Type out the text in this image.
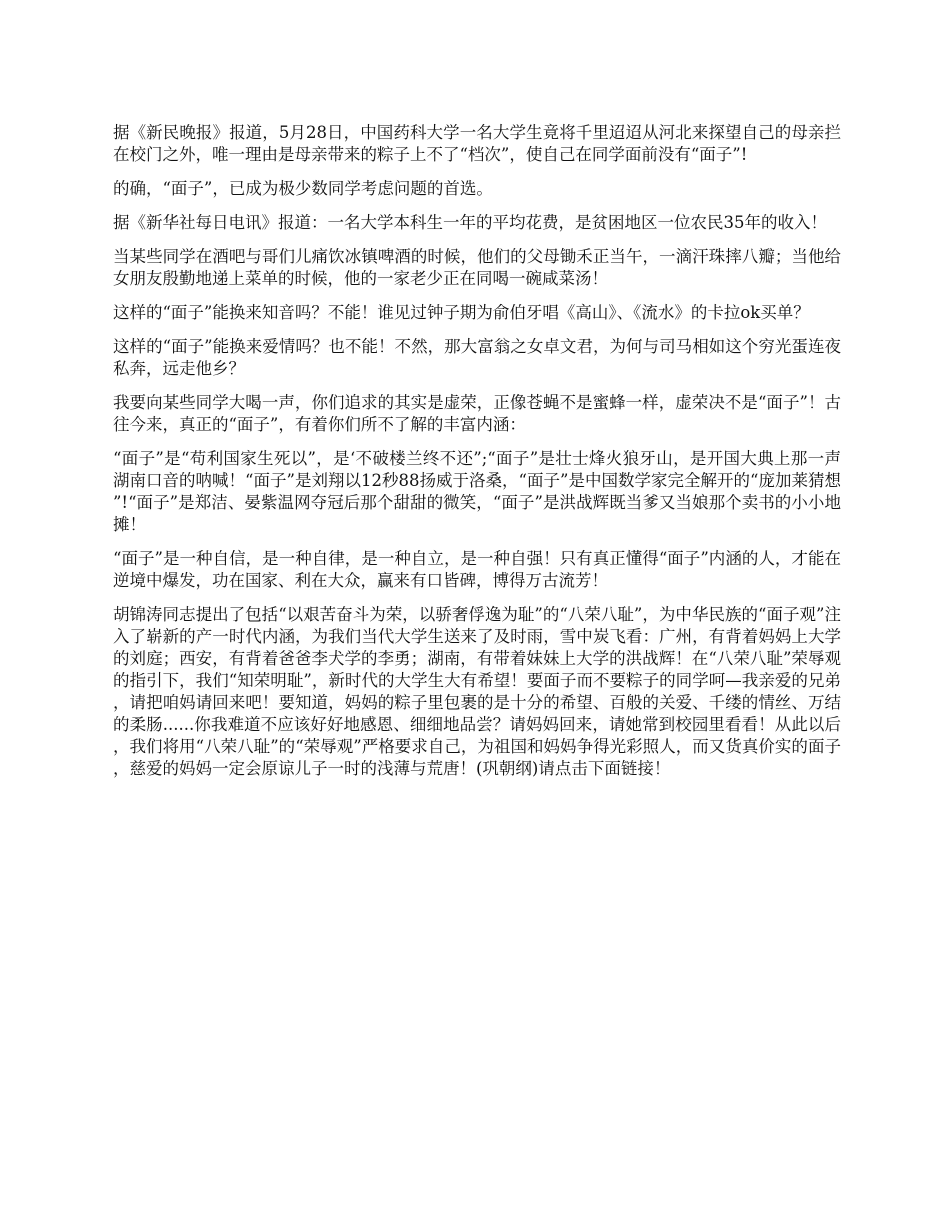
据《新民晚报》报道，5月28日，中国药科大学一名大学生竟将千里迢迢从河北来探望自己的母亲拦在校门之外，唯一理由是母亲带来的粽子上不了“档次”，使自己在同学面前没有“面子”!

的确，“面子”，已成为极少数同学考虑问题的首选。

据《新华社每日电讯》报道：一名大学本科生一年的平均花费，是贫困地区一位农民35年的收入！

当某些同学在酒吧与哥们儿痛饮冰镇啤酒的时候，他们的父母锄禾正当午，一滴汗珠摔八瓣；当他给女朋友殷勤地递上菜单的时候，他的一家老少正在同喝一碗咸菜汤！

这样的“面子”能换来知音吗？不能！谁见过钟子期为俞伯牙唱《高山》、《流水》的卡拉ok买单？

这样的“面子”能换来爱情吗？也不能！不然，那大富翁之女卓文君，为何与司马相如这个穷光蛋连夜私奔，远走他乡？

我要向某些同学大喝一声，你们追求的其实是虚荣，正像苍蝇不是蜜蜂一样，虚荣决不是“面子”！古往今来，真正的“面子”，有着你们所不了解的丰富内涵：

“面子”是“苟利国家生死以”，是‘不破楼兰终不还”;“面子”是壮士烽火狼牙山，是开国大典上那一声湖南口音的呐喊！“面子”是刘翔以12秒88扬威于洛桑，“面子”是中国数学家完全解开的“庞加莱猜想”!“面子”是郑洁、晏紫温网夺冠后那个甜甜的微笑，“面子”是洪战辉既当爹又当娘那个卖书的小小地摊！

“面子”是一种自信，是一种自律，是一种自立，是一种自强！只有真正懂得“面子”内涵的人，才能在逆境中爆发，功在国家、利在大众，赢来有口皆碑，博得万古流芳！

胡锦涛同志提出了包括“以艰苦奋斗为荣，以骄奢俘逸为耻”的“八荣八耻”，为中华民族的“面子观”注入了崭新的产一时代内涵，为我们当代大学生送来了及时雨，雪中炭飞看：广州，有背着妈妈上大学的刘庭；西安，有背着爸爸李犬学的李勇；湖南，有带着妹妹上大学的洪战辉！在“八荣八耻”荣辱观的指引下，我们“知荣明耻”，新时代的大学生大有希望！要面子而不要粽子的同学呵—我亲爱的兄弟，请把咱妈请回来吧！要知道，妈妈的粽子里包裹的是十分的希望、百般的关爱、千缕的情丝、万结的柔肠......你我难道不应该好好地感恩、细细地品尝？请妈妈回来，请她常到校园里看看！从此以后，我们将用“八荣八耻”的“荣辱观”严格要求自己，为祖国和妈妈争得光彩照人，而又货真价实的面子，慈爱的妈妈一定会原谅儿子一时的浅薄与荒唐！(巩朝纲)请点击下面链接！
